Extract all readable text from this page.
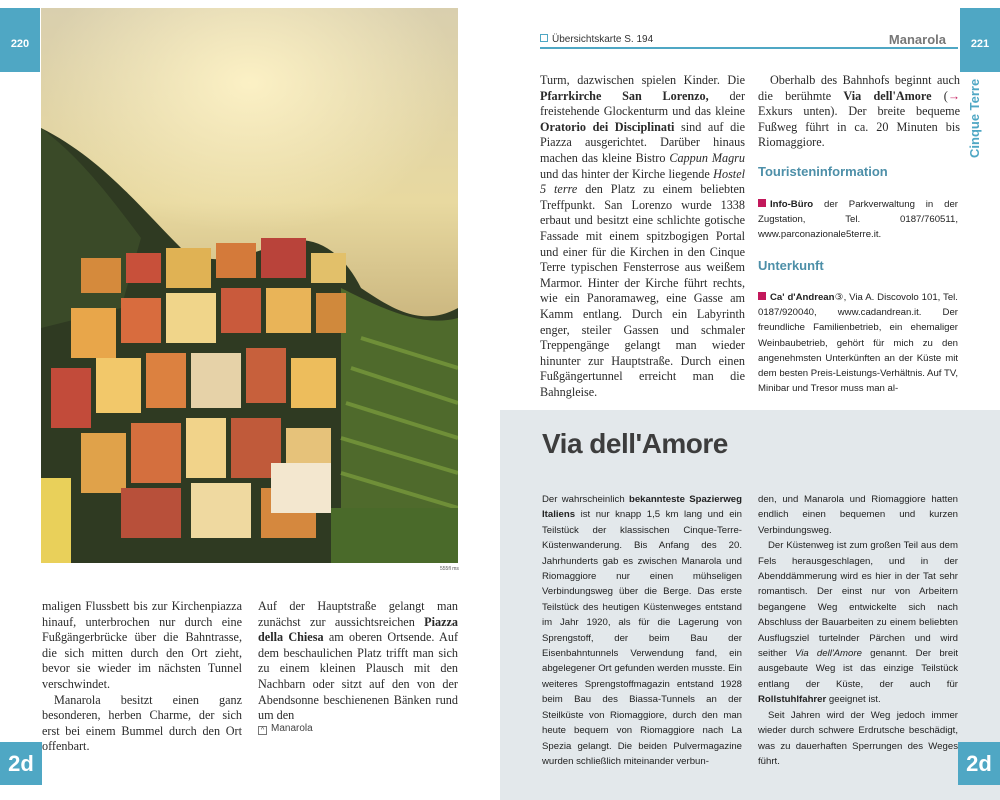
220
555fl ms

maligen Flussbett bis zur Kirchenpiazza hinauf, unterbrochen nur durch eine Fußgängerbrücke über die Bahntrasse, die sich mitten durch den Ort zieht, bevor sie wieder im nächsten Tunnel verschwindet.

Manarola besitzt einen ganz besonderen, herben Charme, der sich erst bei einem Bummel durch den Ort offenbart.

Auf der Hauptstraße gelangt man zunächst zur aussichtsreichen Piazza della Chiesa am oberen Ortsende. Auf dem beschaulichen Platz trifft man sich zu einem kleinen Plausch mit den Nachbarn oder sitzt auf den von der Abendsonne beschienenen Bänken rund um den

^ Manarola
2d
221
Cinque Terre
Übersichtskarte S. 194	Manarola

Turm, dazwischen spielen Kinder. Die Pfarrkirche San Lorenzo, der freistehende Glockenturm und das kleine Oratorio dei Disciplinati sind auf die Piazza ausgerichtet. Darüber hinaus machen das kleine Bistro Cappun Magru und das hinter der Kirche liegende Hostel 5 terre den Platz zu einem beliebten Treffpunkt. San Lorenzo wurde 1338 erbaut und besitzt eine schlichte gotische Fassade mit einem spitzbogigen Portal und einer für die Kirchen in den Cinque Terre typischen Fensterrose aus weißem Marmor. Hinter der Kirche führt rechts, wie ein Panoramaweg, eine Gasse am Kamm entlang. Durch ein Labyrinth enger, steiler Gassen und schmaler Treppengänge gelangt man wieder hinunter zur Hauptstraße. Durch einen Fußgängertunnel erreicht man die Bahngleise.

Oberhalb des Bahnhofs beginnt auch die berühmte Via dell'Amore (→ Exkurs unten). Der breite bequeme Fußweg führt in ca. 20 Minuten bis Riomaggiore.

Touristeninformation
Info-Büro der Parkverwaltung in der Zugstation, Tel. 0187/760511, www.parconazionale5terre.it.
Unterkunft
Ca' d'Andrean③, Via A. Discovolo 101, Tel. 0187/920040, www.cadandrean.it. Der freundliche Familienbetrieb, ein ehemaliger Weinbaubetrieb, gehört für mich zu den angenehmsten Unterkünften an der Küste mit dem besten Preis-Leistungs-Verhältnis. Auf TV, Minibar und Tresor muss man al-
Via dell'Amore

Der wahrscheinlich bekannteste Spazierweg Italiens ist nur knapp 1,5 km lang und ein Teilstück der klassischen Cinque-Terre-Küstenwanderung. Bis Anfang des 20. Jahrhunderts gab es zwischen Manarola und Riomaggiore nur einen mühseligen Verbindungsweg über die Berge. Das erste Teilstück des heutigen Küstenweges entstand im Jahr 1920, als für die Lagerung von Sprengstoff, der beim Bau der Eisenbahntunnels Verwendung fand, ein abgelegener Ort gefunden werden musste. Ein weiteres Sprengstoffmagazin entstand 1928 beim Bau des Biassa-Tunnels an der Steilküste von Riomaggiore, durch den man heute bequem von Riomaggiore nach La Spezia gelangt. Die beiden Pulvermagazine wurden schließlich miteinander verbun-

den, und Manarola und Riomaggiore hatten endlich einen bequemen und kurzen Verbindungsweg.

Der Küstenweg ist zum großen Teil aus dem Fels herausgeschlagen, und in der Abenddämmerung wird es hier in der Tat sehr romantisch. Der einst nur von Arbeitern begangene Weg entwickelte sich nach Abschluss der Bauarbeiten zu einem beliebten Ausflugsziel turtelnder Pärchen und wird seither Via dell'Amore genannt. Der breit ausgebaute Weg ist das einzige Teilstück entlang der Küste, der auch für Rollstuhlfahrer geeignet ist.

Seit Jahren wird der Weg jedoch immer wieder durch schwere Erdrutsche beschädigt, was zu dauerhaften Sperrungen des Weges führt.	2d
